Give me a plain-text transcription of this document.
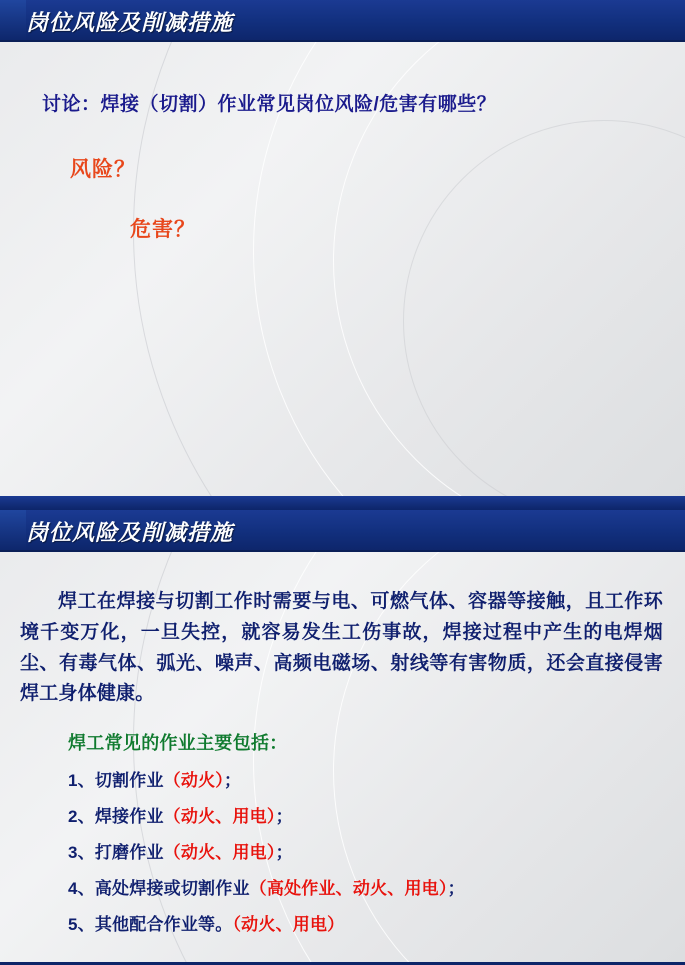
岗位风险及削减措施
讨论：焊接（切割）作业常见岗位风险/危害有哪些？
风险？
危害？
岗位风险及削减措施

焊工在焊接与切割工作时需要与电、可燃气体、容器等接触，且工作环境千变万化，一旦失控，就容易发生工伤事故，焊接过程中产生的电焊烟尘、有毒气体、弧光、噪声、高频电磁场、射线等有害物质，还会直接侵害焊工身体健康。

焊工常见的作业主要包括：
1、切割作业（动火）；
2、焊接作业（动火、用电）；
3、打磨作业（动火、用电）；
4、高处焊接或切割作业（高处作业、动火、用电）；
5、其他配合作业等。（动火、用电）
